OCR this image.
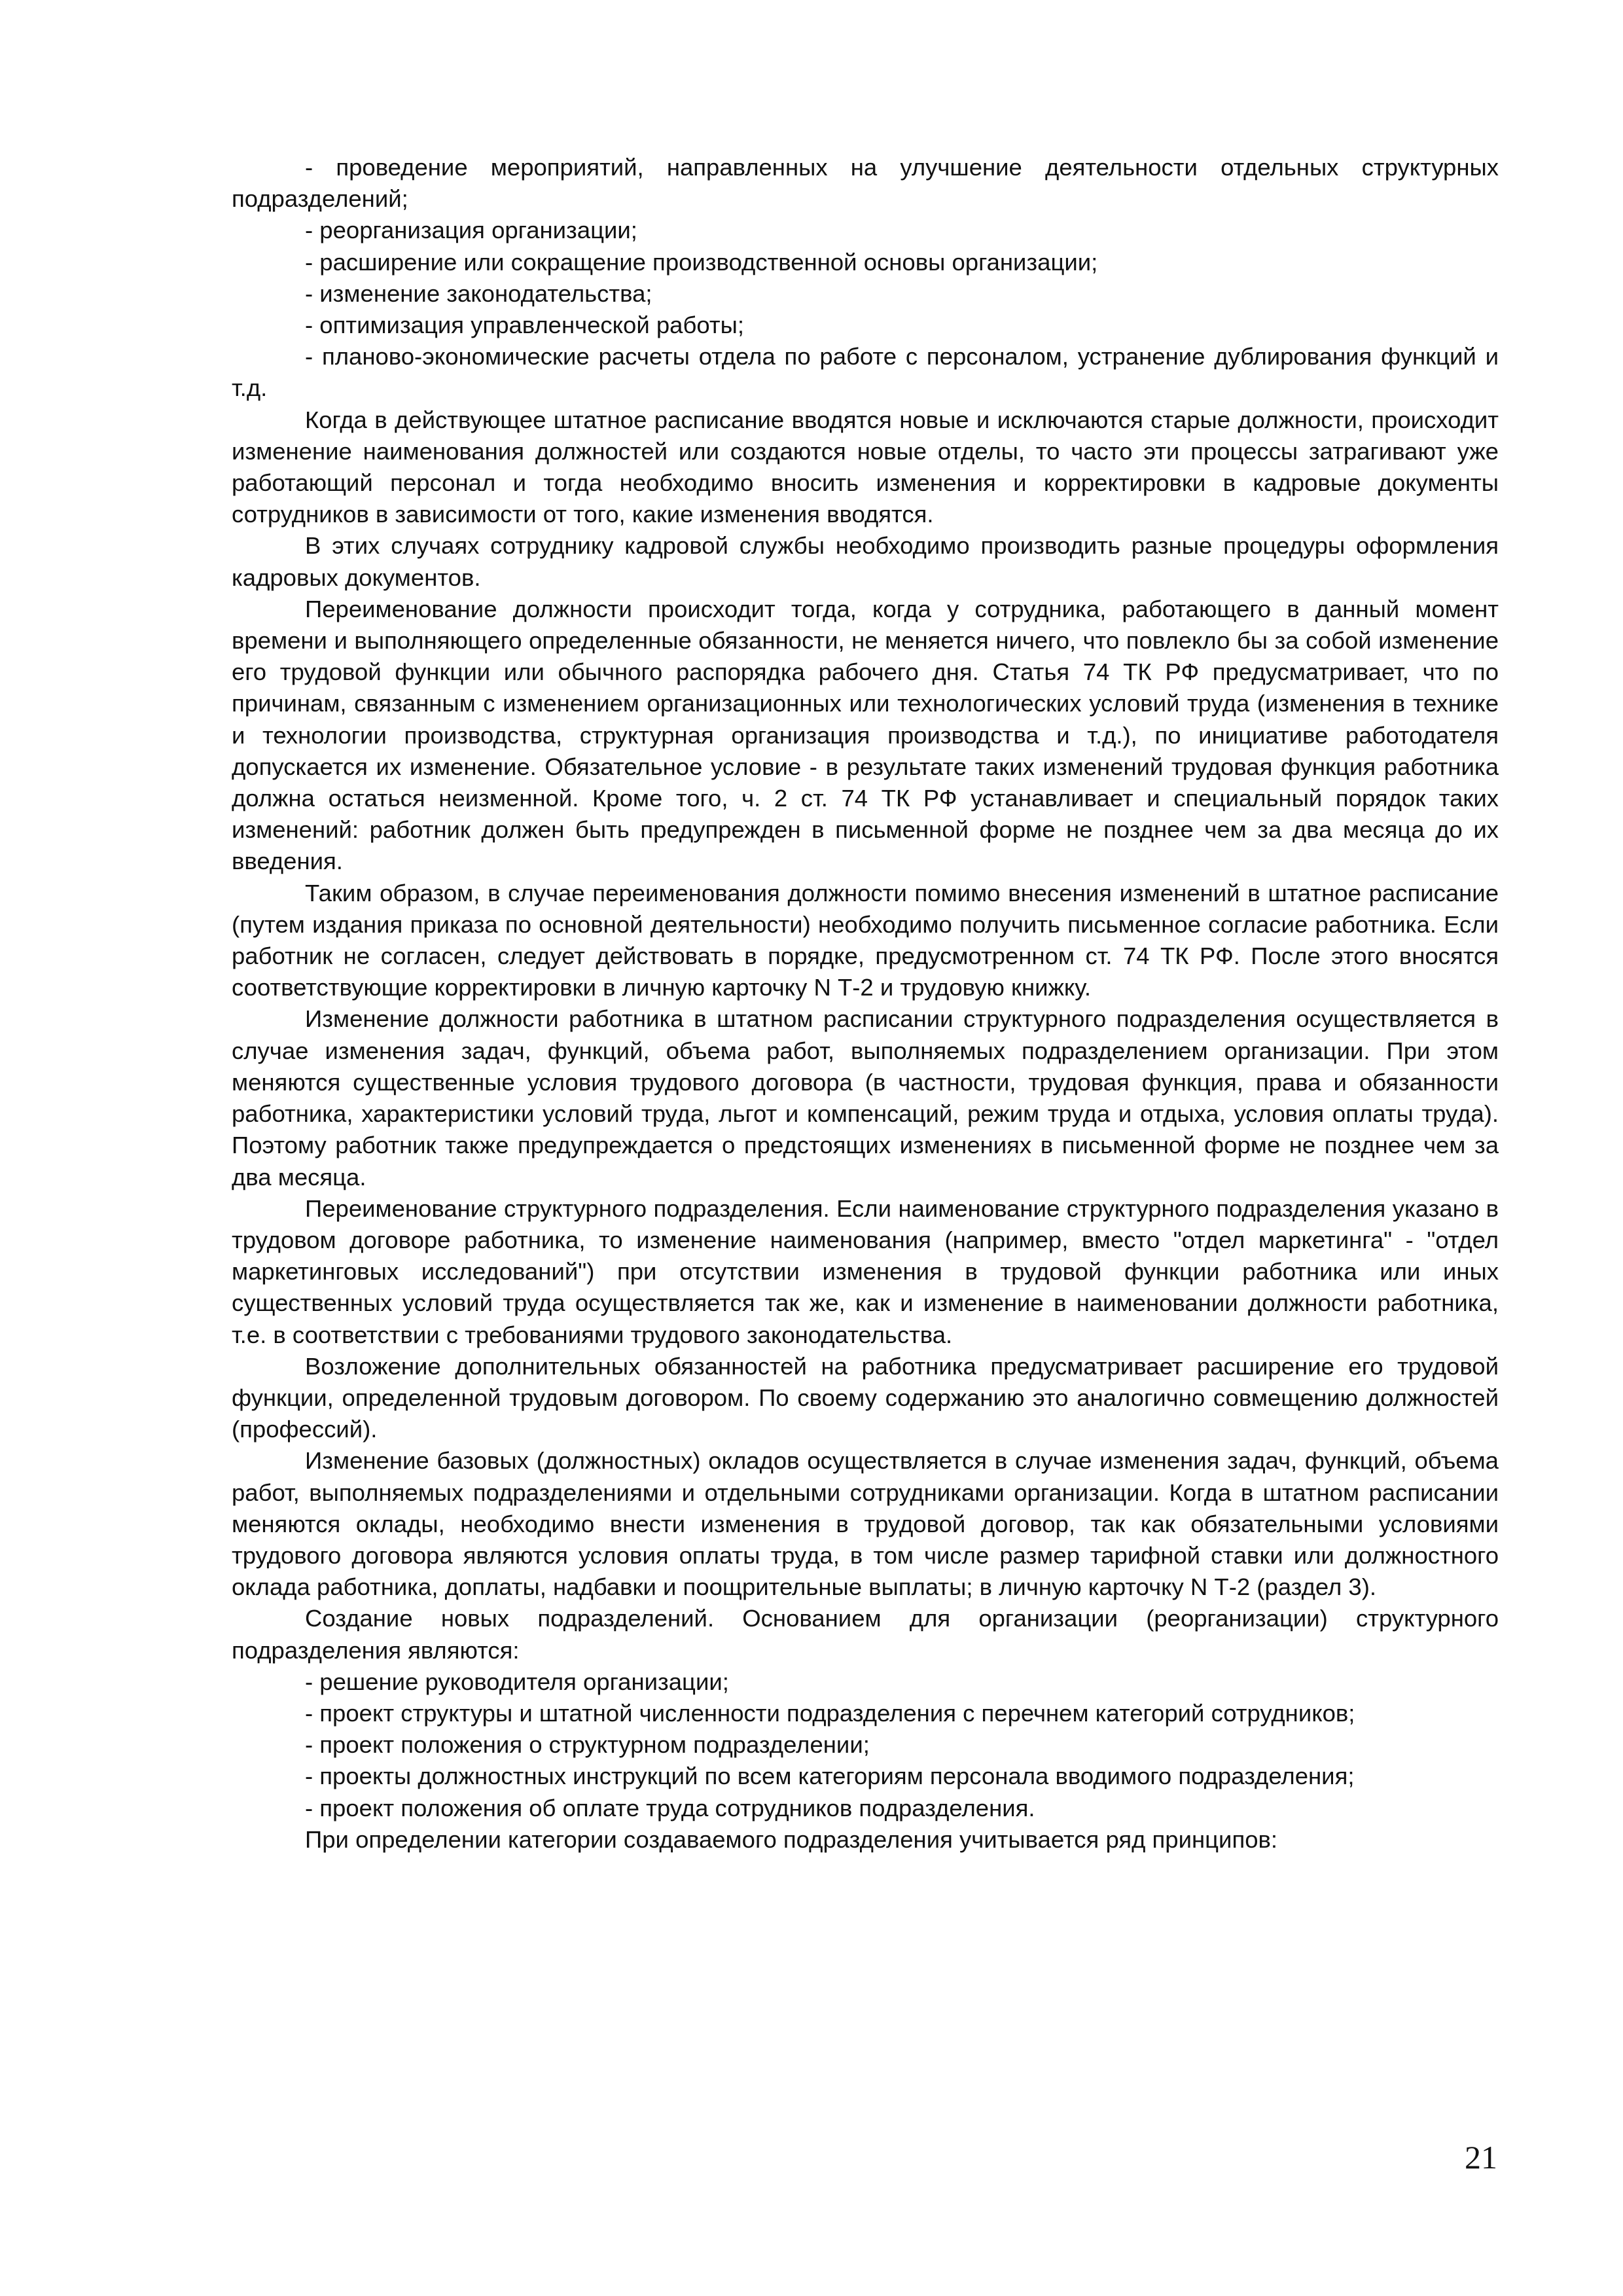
- проведение мероприятий, направленных на улучшение деятельности отдельных структурных подразделений;

- реорганизация организации;

- расширение или сокращение производственной основы организации;

- изменение законодательства;

- оптимизация управленческой работы;

- планово-экономические расчеты отдела по работе с персоналом, устранение дублирования функций и т.д.

Когда в действующее штатное расписание вводятся новые и исключаются старые должности, происходит изменение наименования должностей или создаются новые отделы, то часто эти процессы затрагивают уже работающий персонал и тогда необходимо вносить изменения и корректировки в кадровые документы сотрудников в зависимости от того, какие изменения вводятся.

В этих случаях сотруднику кадровой службы необходимо производить разные процедуры оформления кадровых документов.

Переименование должности происходит тогда, когда у сотрудника, работающего в данный момент времени и выполняющего определенные обязанности, не меняется ничего, что повлекло бы за собой изменение его трудовой функции или обычного распорядка рабочего дня. Статья 74 ТК РФ предусматривает, что по причинам, связанным с изменением организационных или технологических условий труда (изменения в технике и технологии производства, структурная организация производства и т.д.), по инициативе работодателя допускается их изменение. Обязательное условие - в результате таких изменений трудовая функция работника должна остаться неизменной. Кроме того, ч. 2 ст. 74 ТК РФ устанавливает и специальный порядок таких изменений: работник должен быть предупрежден в письменной форме не позднее чем за два месяца до их введения.

Таким образом, в случае переименования должности помимо внесения изменений в штатное расписание (путем издания приказа по основной деятельности) необходимо получить письменное согласие работника. Если работник не согласен, следует действовать в порядке, предусмотренном ст. 74 ТК РФ. После этого вносятся соответствующие корректировки в личную карточку N Т-2 и трудовую книжку.

Изменение должности работника в штатном расписании структурного подразделения осуществляется в случае изменения задач, функций, объема работ, выполняемых подразделением организации. При этом меняются существенные условия трудового договора (в частности, трудовая функция, права и обязанности работника, характеристики условий труда, льгот и компенсаций, режим труда и отдыха, условия оплаты труда). Поэтому работник также предупреждается о предстоящих изменениях в письменной форме не позднее чем за два месяца.

Переименование структурного подразделения. Если наименование структурного подразделения указано в трудовом договоре работника, то изменение наименования (например, вместо "отдел маркетинга" - "отдел маркетинговых исследований") при отсутствии изменения в трудовой функции работника или иных существенных условий труда осуществляется так же, как и изменение в наименовании должности работника, т.е. в соответствии с требованиями трудового законодательства.

Возложение дополнительных обязанностей на работника предусматривает расширение его трудовой функции, определенной трудовым договором. По своему содержанию это аналогично совмещению должностей (профессий).

Изменение базовых (должностных) окладов осуществляется в случае изменения задач, функций, объема работ, выполняемых подразделениями и отдельными сотрудниками организации. Когда в штатном расписании меняются оклады, необходимо внести изменения в трудовой договор, так как обязательными условиями трудового договора являются условия оплаты труда, в том числе размер тарифной ставки или должностного оклада работника, доплаты, надбавки и поощрительные выплаты; в личную карточку N Т-2 (раздел 3).

Создание новых подразделений. Основанием для организации (реорганизации) структурного подразделения являются:

- решение руководителя организации;

- проект структуры и штатной численности подразделения с перечнем категорий сотрудников;

- проект положения о структурном подразделении;

- проекты должностных инструкций по всем категориям персонала вводимого подразделения;

- проект положения об оплате труда сотрудников подразделения.

При определении категории создаваемого подразделения учитывается ряд принципов:

21
